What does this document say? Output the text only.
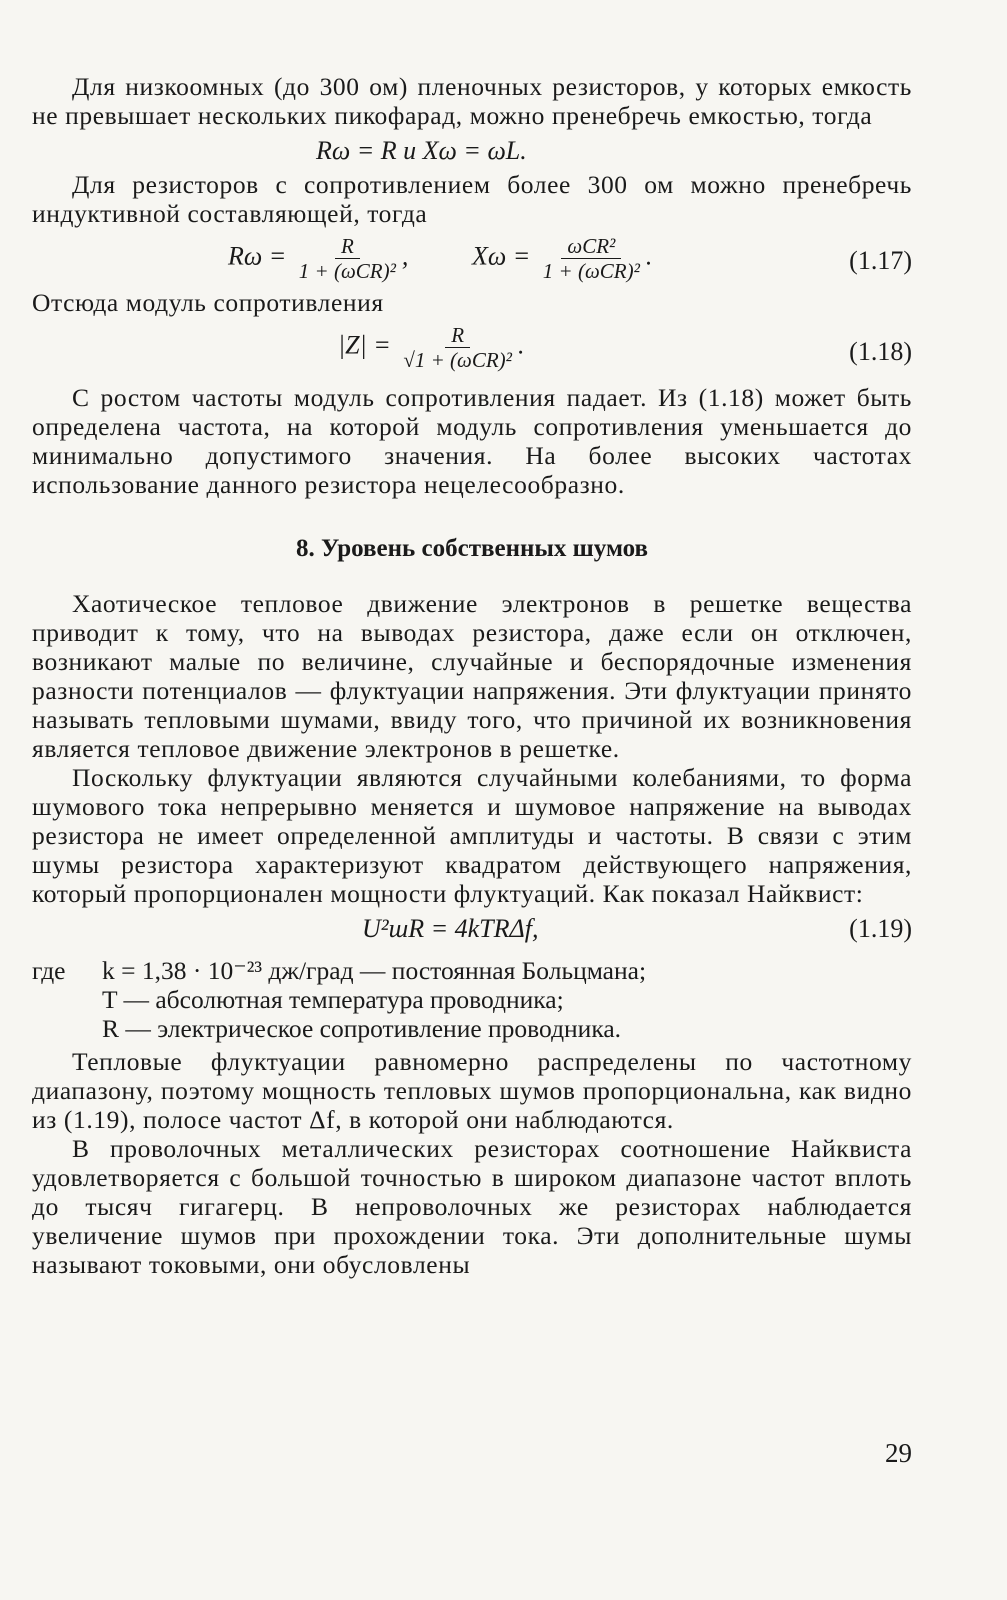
Для низкоомных (до 300 ом) пленочных резисторов, у которых емкость не превышает нескольких пикофарад, можно пренебречь емкостью, тогда

Rω = R и Xω = ωL.

Для резисторов с сопротивлением более 300 ом можно пренебречь индуктивной составляющей, тогда

$R\omega = \frac{R}{\text{1 + (ωCR)²}}$ , $X\omega = \frac{\text{ωCR²}}{\text{1 + (ωCR)²}}$ .	(1.17)

Отсюда модуль сопротивления

$|Z| = \frac{R}{\text{√1 + (ωCR)²}}$ .	(1.18)

С ростом частоты модуль сопротивления падает. Из (1.18) может быть определена частота, на которой модуль сопротивления уменьшается до минимально допустимого значения. На более высоких частотах использование данного резистора нецелесообразно.

8. Уровень собственных шумов

Хаотическое тепловое движение электронов в решетке вещества приводит к тому, что на выводах резистора, даже если он отключен, возникают малые по величине, случайные и беспорядочные изменения разности потенциалов — флуктуации напряжения. Эти флуктуации принято называть тепловыми шумами, ввиду того, что причиной их возникновения является тепловое движение электронов в решетке.

Поскольку флуктуации являются случайными колебаниями, то форма шумового тока непрерывно меняется и шумовое напряжение на выводах резистора не имеет определенной амплитуды и частоты. В связи с этим шумы резистора характеризуют квадратом действующего напряжения, который пропорционален мощности флуктуаций. Как показал Найквист:

U²шR = 4kTRΔf,	(1.19)
где k = 1,38 · 10⁻²³ дж/град — постоянная Больцмана;
T — абсолютная температура проводника;
R — электрическое сопротивление проводника.

Тепловые флуктуации равномерно распределены по частотному диапазону, поэтому мощность тепловых шумов пропорциональна, как видно из (1.19), полосе частот Δf, в которой они наблюдаются.

В проволочных металлических резисторах соотношение Найквиста удовлетворяется с большой точностью в широком диапазоне частот вплоть до тысяч гигагерц. В непроволочных же резисторах наблюдается увеличение шумов при прохождении тока. Эти дополнительные шумы называют токовыми, они обусловлены

29
